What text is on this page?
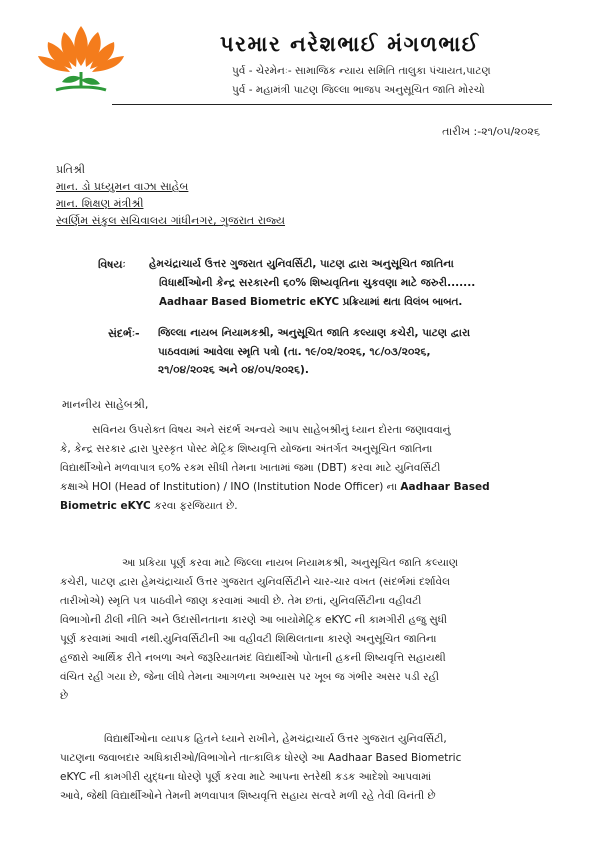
પરમાર નરેશભાઈ મંગળભાઈ
પુર્વ - ચેરમેનઃ- સામાજિક ન્યાય સમિતિ તાલુકા પંચાયત,પાટણ
પુર્વ - મહામંત્રી પાટણ જિલ્લા ભાજપ અનુસૂચિત જાતિ મોરચો
તારીખ :-૨૧/૦૫/૨૦૨૬
પ્રતિશ્રી
માન. ડો પ્રધ્યુમન વાઝા સાહેબ
માન. શિક્ષણ મંત્રીશ્રી
સ્વર્ણિમ સંકુલ સચિવાલય ગાંધીનગર, ગુજરાત રાજ્ય
વિષયઃ હેમચંદ્રાચાર્ય ઉત્તર ગુજરાત યુનિવર્સિટી, પાટણ દ્વારા અનુસૂચિત જાતિના
વિધાર્થીઓની કેન્દ્ર સરકારની ૬૦% શિષ્યવૃતિના ચુકવણા માટે જરુરી.......
Aadhaar Based Biometric eKYC પ્રક્રિયામાં થતા વિલંબ બાબત.
સંદર્ભઃ- જિલ્લા નાયબ નિયામકશ્રી, અનુસૂચિત જાતિ કલ્યાણ કચેરી, પાટણ દ્વારા
પાઠવવામાં આવેલા સ્મૃતિ પત્રો (તા. ૧૯/૦૨/૨૦૨૬, ૧૮/૦૩/૨૦૨૬,
૨૧/૦૪/૨૦૨૬ અને ૦૪/૦૫/૨૦૨૬).
માનનીય સાહેબશ્રી,
સવિનય ઉપરોક્ત વિષય અને સંદર્ભ અન્વયે આપ સાહેબશ્રીનું ધ્યાન દોરતા જણાવવાનું
કે, કેન્દ્ર સરકાર દ્વારા પુરસ્કૃત પોસ્ટ મેટ્રિક શિષ્યવૃત્તિ યોજના અંતર્ગત અનુસૂચિત જાતિના
વિદ્યાર્થીઓને મળવાપાત્ર ૬૦% રકમ સીધી તેમના ખાતામાં જમા (DBT) કરવા માટે યુનિવર્સિટી
કક્ષાએ HOI (Head of Institution) / INO (Institution Node Officer) ના Aadhaar Based
Biometric eKYC કરવા ફરજિયાત છે.
આ પ્રકિયા પૂર્ણ કરવા માટે જિલ્લા નાયબ નિયામકશ્રી, અનુસૂચિત જાતિ કલ્યાણ
કચેરી, પાટણ દ્વારા હેમચંદ્રાચાર્ય ઉત્તર ગુજરાત યુનિવર્સિટીને ચાર-ચાર વખત (સંદર્ભમાં દર્શાવેલ
તારીખોએ) સ્મૃતિ પત્ર પાઠવીને જાણ કરવામાં આવી છે. તેમ છતાં, યુનિવર્સિટીના વહીવટી
વિભાગોની ઢીલી નીતિ અને ઉદાસીનતાના કારણે આ બાયોમેટ્રિક eKYC ની કામગીરી હજુ સુધી
પૂર્ણ કરવામાં આવી નથી.યુનિવર્સિટીની આ વહીવટી શિથિલતાના કારણે અનુસૂચિત જાતિના
હજારો આર્થિક રીતે નબળા અને જરૂરિયાતમંદ વિદ્યાર્થીઓ પોતાની હકની શિષ્યવૃત્તિ સહાયથી
વંચિત રહી ગયા છે, જેના લીધે તેમના આગળના અભ્યાસ પર ખૂબ જ ગંભીર અસર પડી રહી
છે
વિદ્યાર્થીઓના વ્યાપક હિતને ધ્યાને રાખીને, હેમચંદ્રાચાર્ય ઉત્તર ગુજરાત યુનિવર્સિટી,
પાટણના જવાબદાર અધિકારીઓ/વિભાગોને તાત્કાલિક ધોરણે આ Aadhaar Based Biometric
eKYC ની કામગીરી યુદ્ધના ધોરણે પૂર્ણ કરવા માટે આપના સ્તરેથી કડક આદેશો આપવામાં
આવે, જેથી વિદ્યાર્થીઓને તેમની મળવાપાત્ર શિષ્યવૃત્તિ સહાય સત્વરે મળી રહે તેવી વિનંતી છે
